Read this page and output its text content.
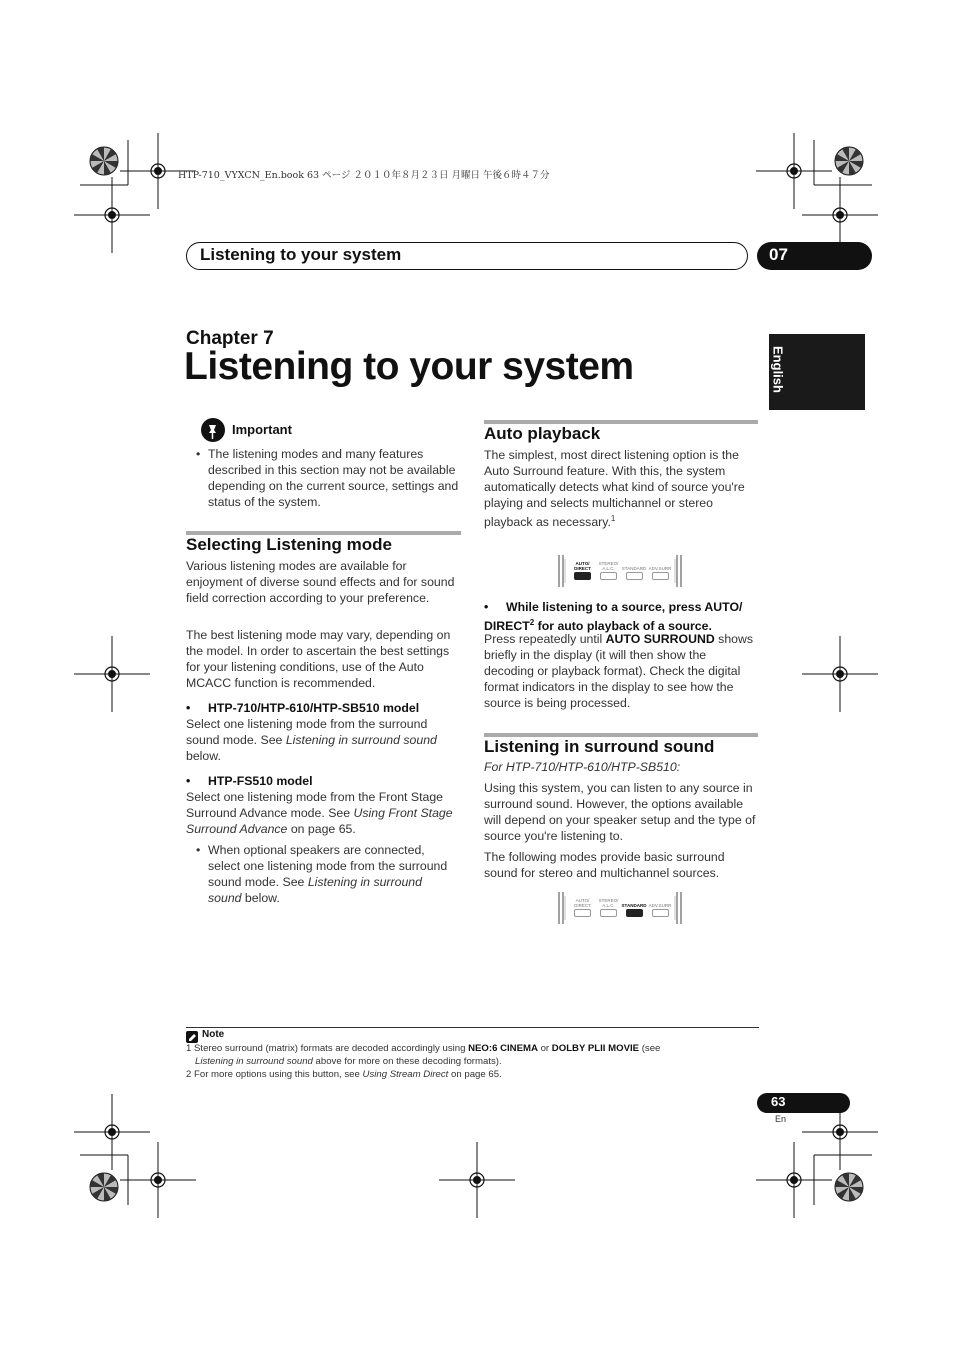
HTP-710_VYXCN_En.book 63 ページ ２０１０年８月２３日 月曜日 午後６時４７分
Listening to your system	07
English
Chapter 7
Listening to your system
Important
• The listening modes and many features described in this section may not be available depending on the current source, settings and status of the system.
Selecting Listening mode
Various listening modes are available for enjoyment of diverse sound effects and for sound field correction according to your preference.
The best listening mode may vary, depending on the model. In order to ascertain the best settings for your listening conditions, use of the Auto MCACC function is recommended.
• HTP-710/HTP-610/HTP-SB510 model
Select one listening mode from the surround sound mode. See Listening in surround sound below.
• HTP-FS510 model
Select one listening mode from the Front Stage Surround Advance mode. See Using Front Stage Surround Advance on page 65.
• When optional speakers are connected, select one listening mode from the surround sound mode. See Listening in surround sound below.
Auto playback
The simplest, most direct listening option is the Auto Surround feature. With this, the system automatically detects what kind of source you're playing and selects multichannel or stereo playback as necessary.$^1$
AUTO/
DIRECT
STEREO/
A.L.C.
	STANDARD
ADV.SURR
•	While listening to a source, press AUTO/ DIRECT$^2$ for auto playback of a source.
Press repeatedly until AUTO SURROUND shows briefly in the display (it will then show the decoding or playback format). Check the digital format indicators in the display to see how the source is being processed.
Listening in surround sound
For HTP-710/HTP-610/HTP-SB510:
Using this system, you can listen to any source in surround sound. However, the options available will depend on your speaker setup and the type of source you're listening to.
The following modes provide basic surround sound for stereo and multichannel sources.
AUTO/
DIRECT
STEREO/
A.L.C.
	STANDARD
ADV.SURR
Note
1 Stereo surround (matrix) formats are decoded accordingly using NEO:6 CINEMA or DOLBY PLII MOVIE (see
Listening in surround sound above for more on these decoding formats).
2 For more options using this button, see Using Stream Direct on page 65.
63
En
